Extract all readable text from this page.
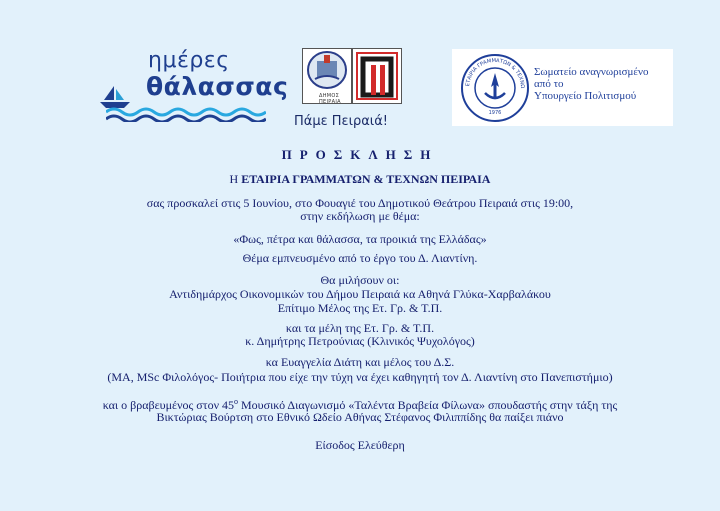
ημέρες
θάλασσας	ΔΗΜΟΣ ΠΕΙΡΑΙΑ
Πάμε Πειραιά!
ΕΤΑΙΡΙΑ ΓΡΑΜΜΑΤΩΝ & ΤΕΧΝΩ
1976
Σωματείο αναγνωρισμένο
από το
Υπουργείο Πολιτισμού
ΠΡΟΣΚΛΗΣΗ
Η ΕΤΑΙΡΙΑ ΓΡΑΜΜΑΤΩΝ & ΤΕΧΝΩΝ ΠΕΙΡΑΙΑ
σας προσκαλεί στις 5 Ιουνίου, στο Φουαγιέ του Δημοτικού Θεάτρου Πειραιά στις 19:00,
στην εκδήλωση με θέμα:
«Φως, πέτρα και θάλασσα, τα προικιά της Ελλάδας»
Θέμα εμπνευσμένο από το έργο του Δ. Λιαντίνη.
Θα μιλήσουν οι:
Αντιδημάρχος Οικονομικών του Δήμου Πειραιά κα Αθηνά Γλύκα-Χαρβαλάκου
Επίτιμο Μέλος της Ετ. Γρ. & Τ.Π.
και τα μέλη της Ετ. Γρ. & Τ.Π.
κ. Δημήτρης Πετρούνιας (Κλινικός Ψυχολόγος)
κα Ευαγγελία Διάτη και μέλος του Δ.Σ.
(ΜΑ, MSc Φιλολόγος- Ποιήτρια που είχε την τύχη να έχει καθηγητή τον Δ. Λιαντίνη στο Πανεπιστήμιο)
και ο βραβευμένος στον $45^o$ Μουσικό Διαγωνισμό «Ταλέντα Βραβεία Φίλωνα» σπουδαστής στην τάξη της
Βικτώριας Βούρτση στο Εθνικό Ωδείο Αθήνας Στέφανος Φιλιππίδης θα παίξει πιάνο
Είσοδος Ελεύθερη
